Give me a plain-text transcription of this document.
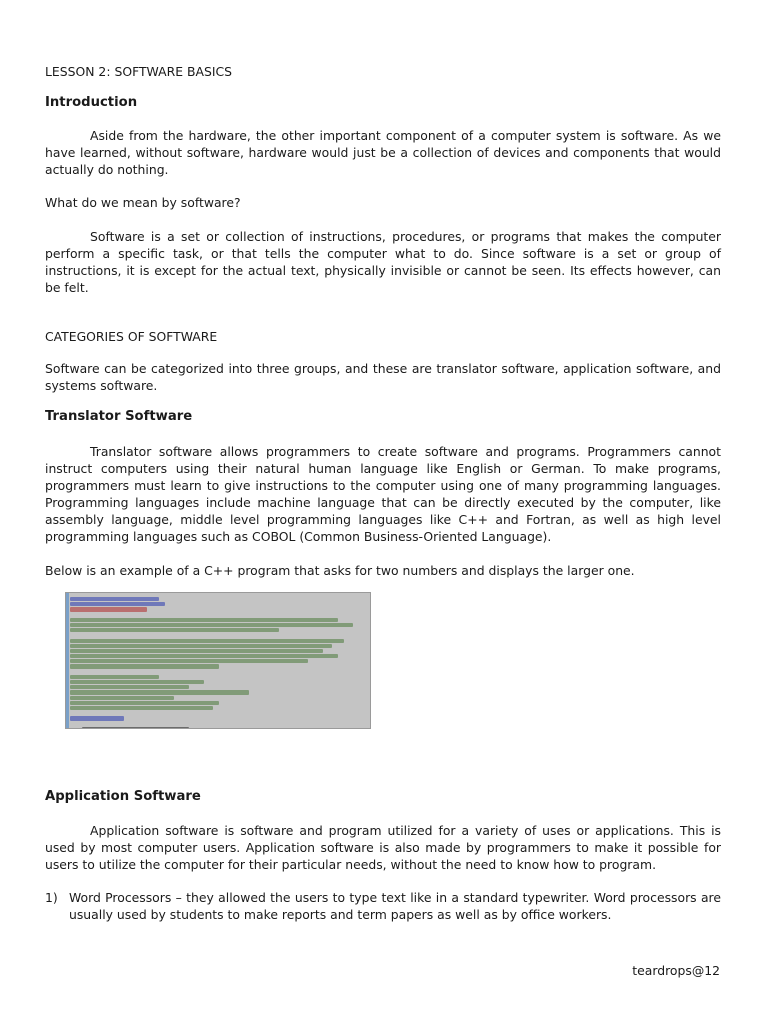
LESSON 2: SOFTWARE BASICS

Introduction

Aside from the hardware, the other important component of a computer system is software. As we have learned, without software, hardware would just be a collection of devices and components that would actually do nothing.

What do we mean by software?

Software is a set or collection of instructions, procedures, or programs that makes the computer perform a specific task, or that tells the computer what to do. Since software is a set or group of instructions, it is except for the actual text, physically invisible or cannot be seen. Its effects however, can be felt.

CATEGORIES OF SOFTWARE

Software can be categorized into three groups, and these are translator software, application software, and systems software.

Translator Software

Translator software allows programmers to create software and programs. Programmers cannot instruct computers using their natural human language like English or German. To make programs, programmers must learn to give instructions to the computer using one of many programming languages. Programming languages include machine language that can be directly executed by the computer, like assembly language, middle level programming languages like C++ and Fortran, as well as high level programming languages such as COBOL (Common Business-Oriented Language).

Below is an example of a C++ program that asks for two numbers and displays the larger one.

Application Software

Application software is software and program utilized for a variety of uses or applications. This is used by most computer users. Application software is also made by programmers to make it possible for users to utilize the computer for their particular needs, without the need to know how to program.

1) Word Processors – they allowed the users to type text like in a standard typewriter. Word processors are usually used by students to make reports and term papers as well as by office workers.
teardrops@12
